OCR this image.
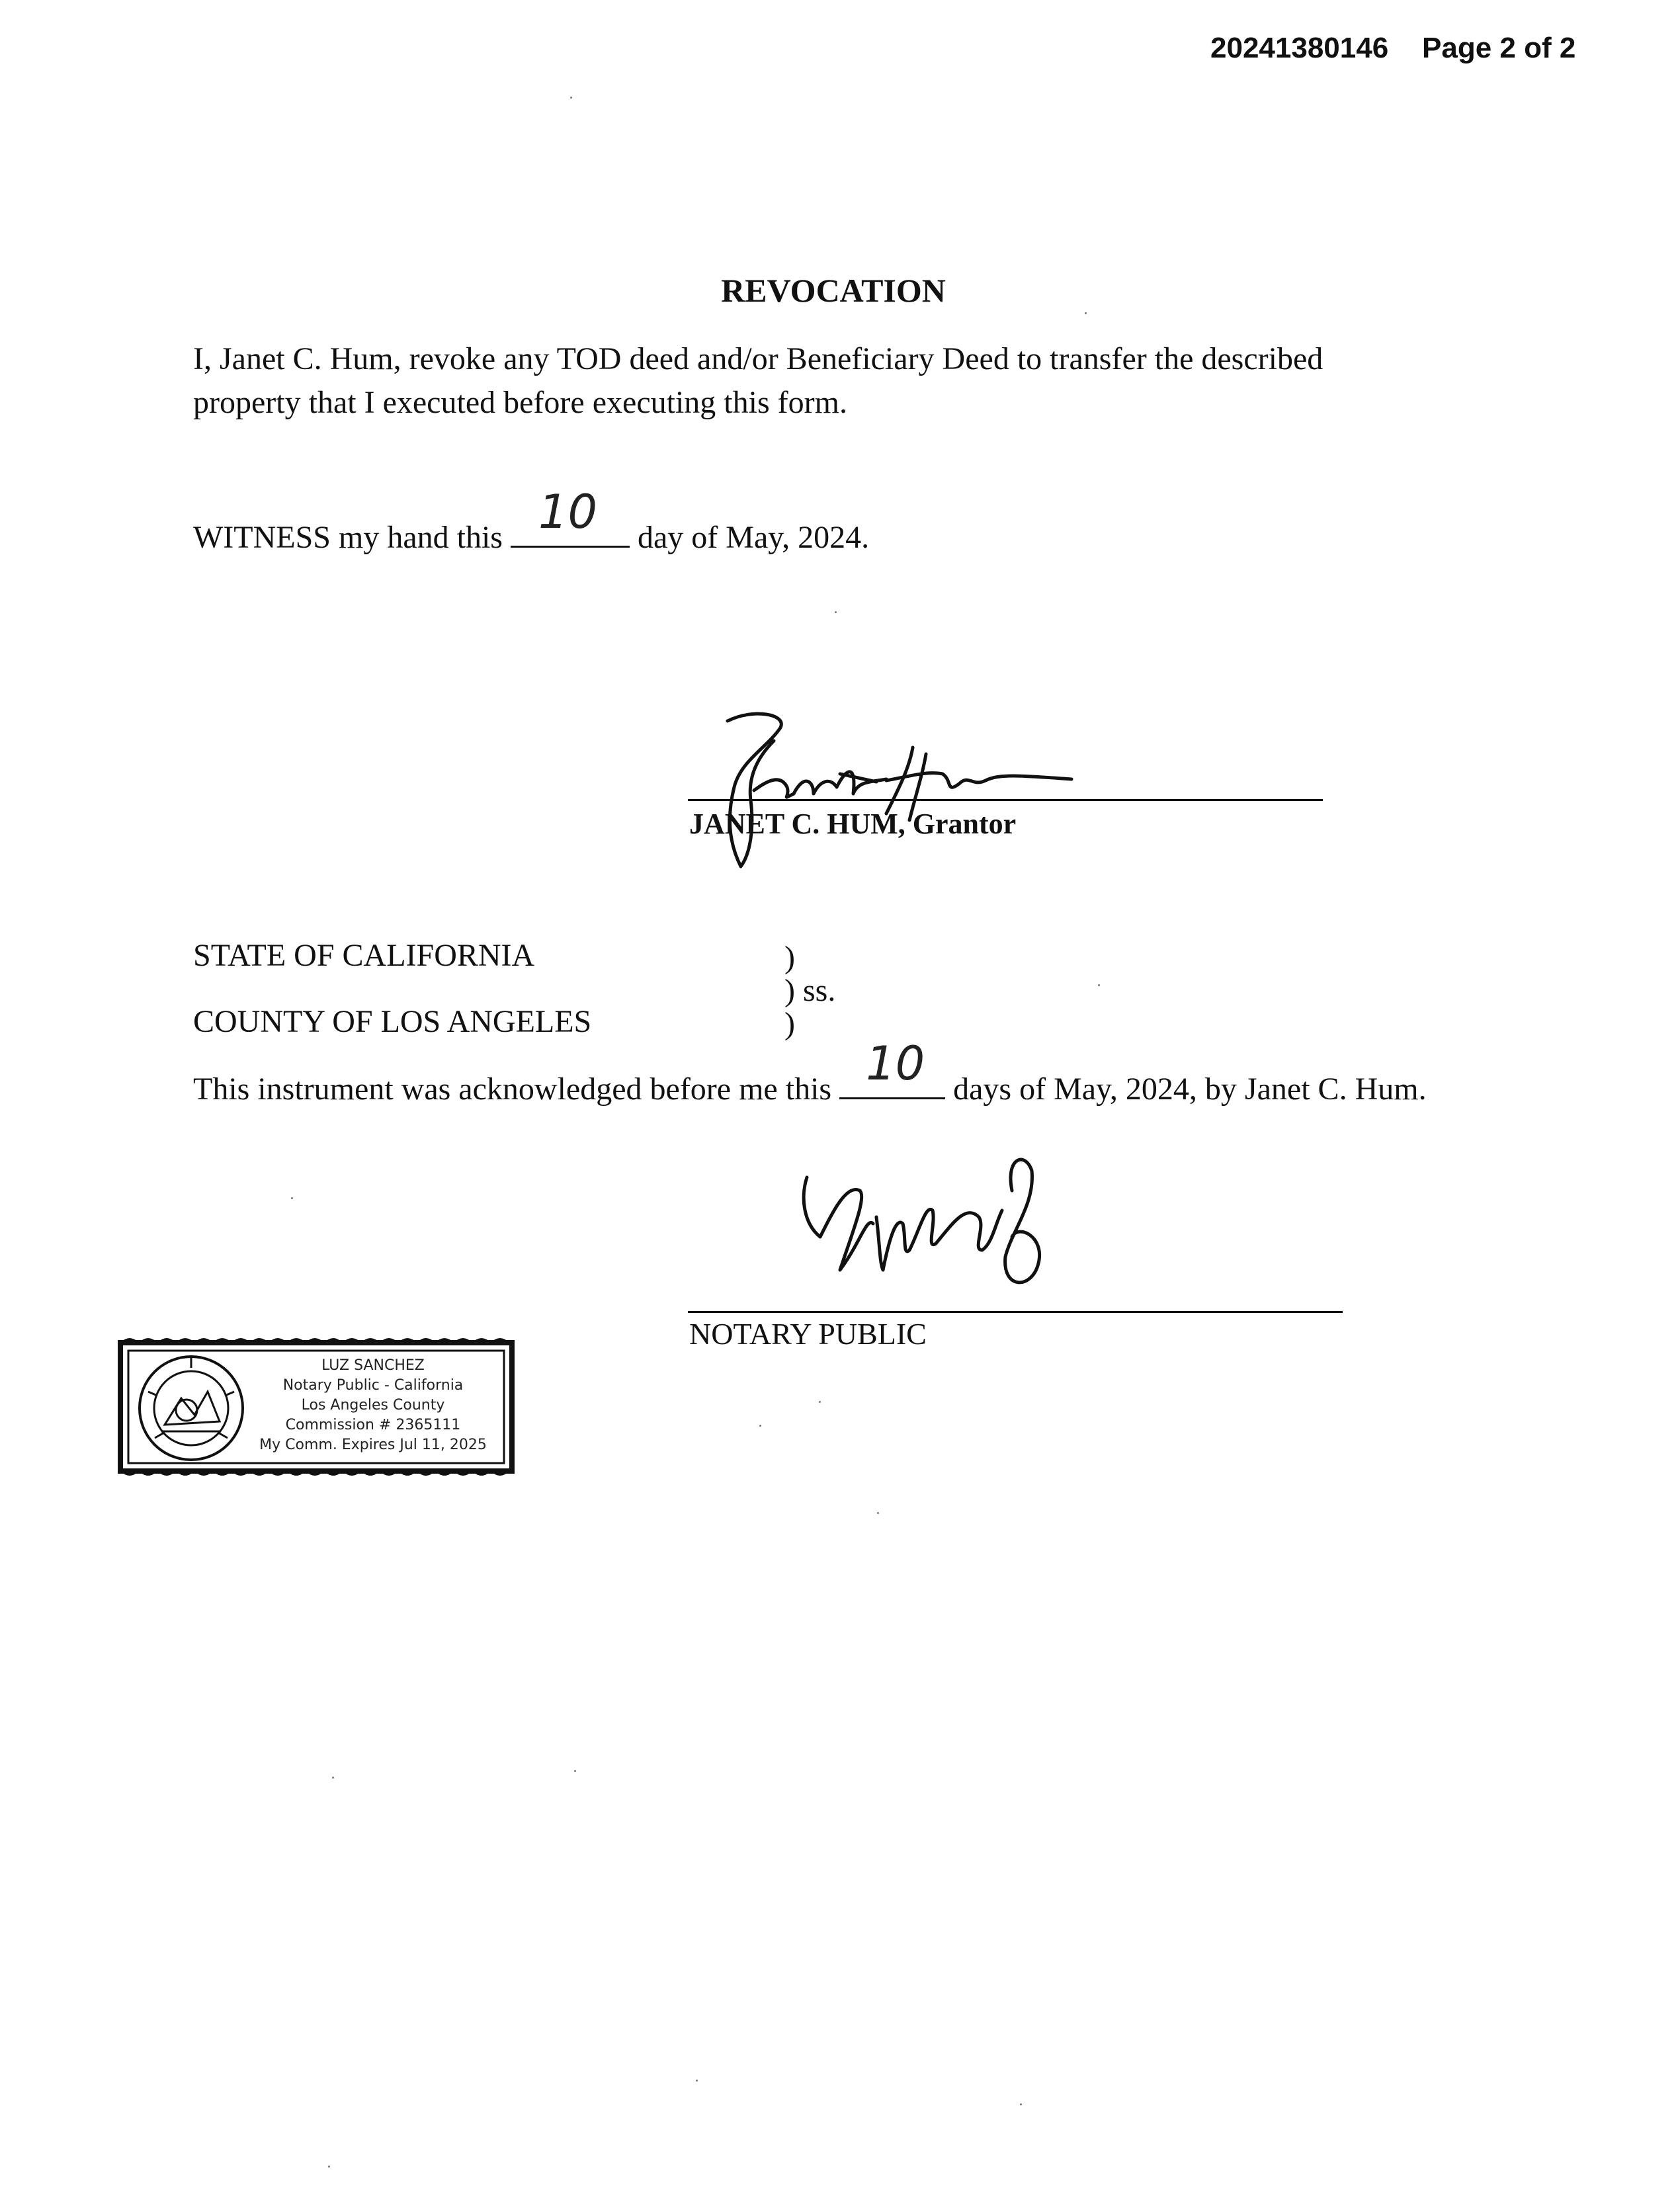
20241380146 Page 2 of 2
REVOCATION
I, Janet C. Hum, revoke any TOD deed and/or Beneficiary Deed to transfer the described property that I executed before executing this form.
WITNESS my hand this 10 day of May, 2024.
JANET C. HUM, Grantor
STATE OF CALIFORNIA	)
) ss.
)
COUNTY OF LOS ANGELES
This instrument was acknowledged before me this 10 days of May, 2024, by Janet C. Hum.
NOTARY PUBLIC
LUZ SANCHEZ
Notary Public - California
Los Angeles County
Commission # 2365111
My Comm. Expires Jul 11, 2025
